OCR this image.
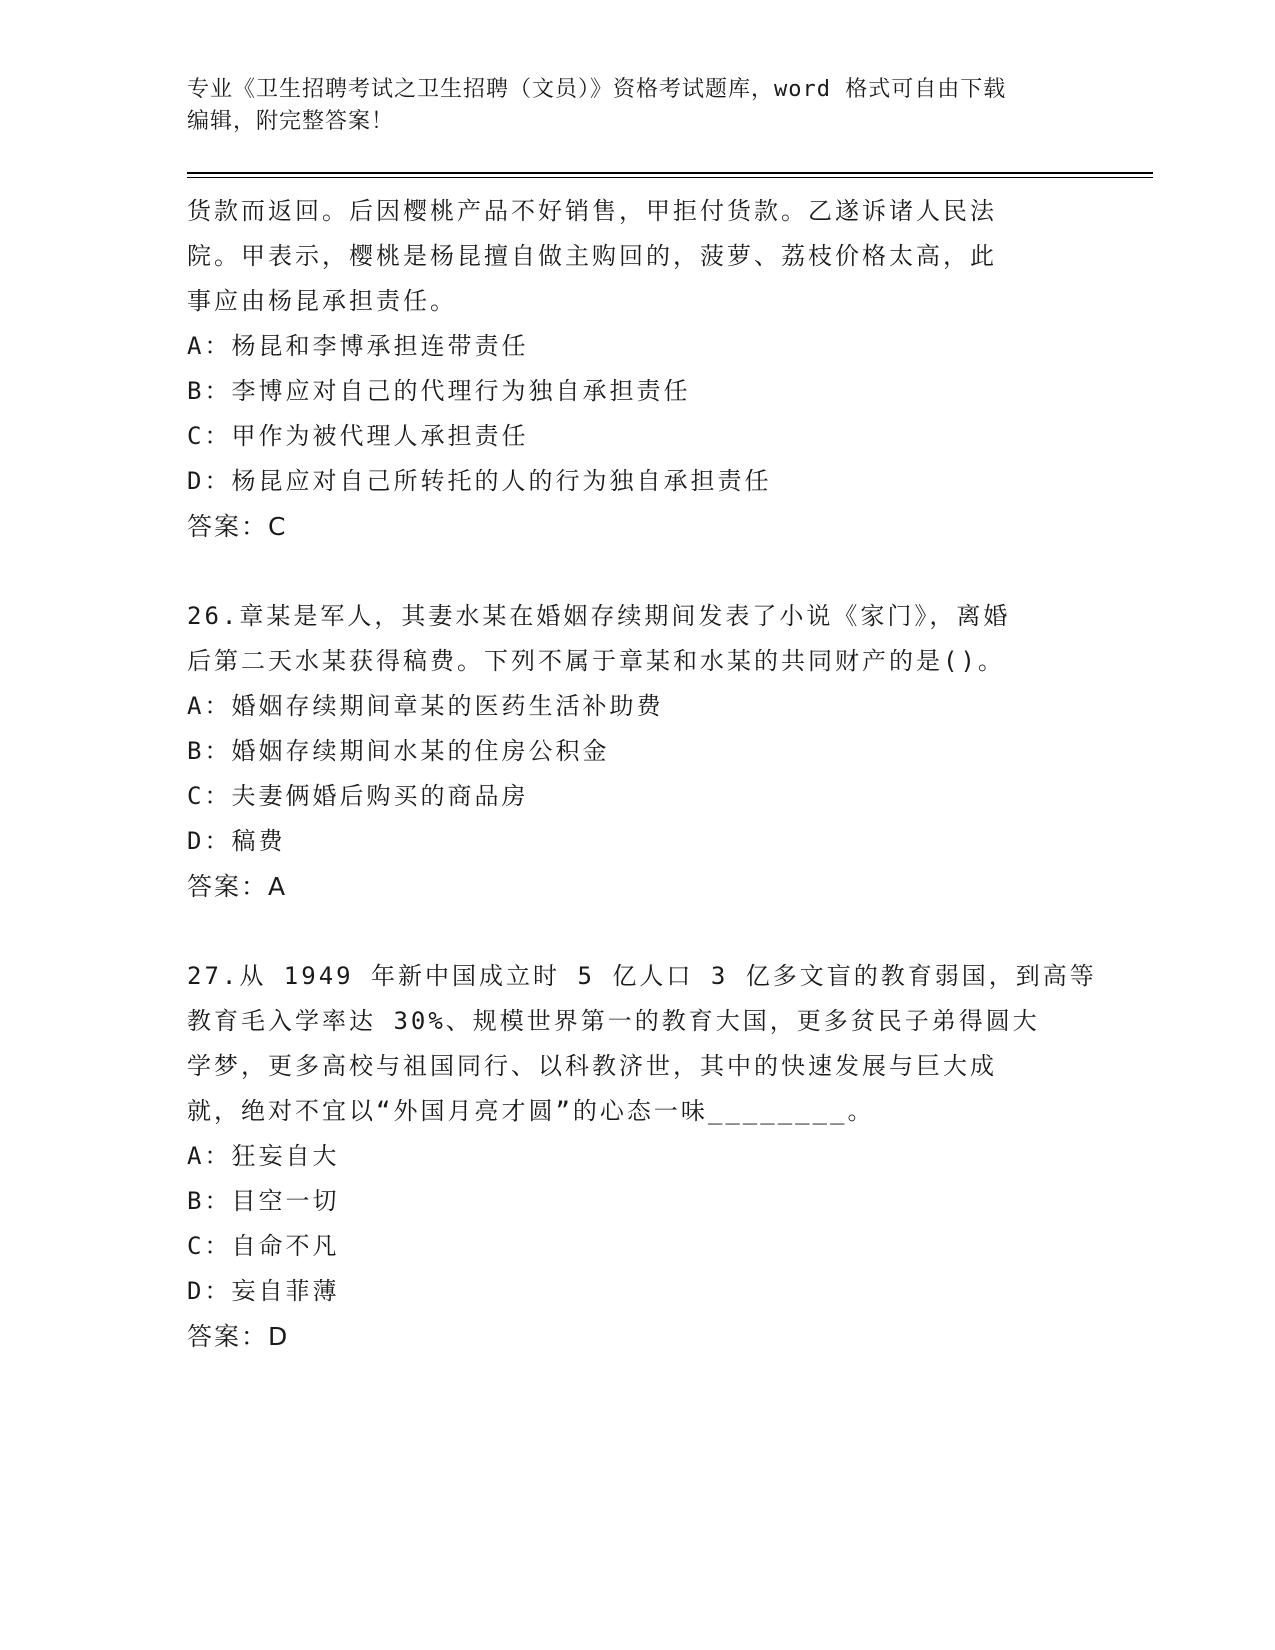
专业《卫生招聘考试之卫生招聘（文员）》资格考试题库，word 格式可自由下载
编辑，附完整答案！
货款而返回。后因樱桃产品不好销售，甲拒付货款。乙遂诉诸人民法
院。甲表示，樱桃是杨昆擅自做主购回的，菠萝、荔枝价格太高，此
事应由杨昆承担责任。
A：杨昆和李博承担连带责任
B：李博应对自己的代理行为独自承担责任
C：甲作为被代理人承担责任
D：杨昆应对自己所转托的人的行为独自承担责任
答案：C
26.章某是军人，其妻水某在婚姻存续期间发表了小说《家门》，离婚
后第二天水某获得稿费。下列不属于章某和水某的共同财产的是()。
A：婚姻存续期间章某的医药生活补助费
B：婚姻存续期间水某的住房公积金
C：夫妻俩婚后购买的商品房
D：稿费
答案：A
27.从 1949 年新中国成立时 5 亿人口 3 亿多文盲的教育弱国，到高等
教育毛入学率达 30%、规模世界第一的教育大国，更多贫民子弟得圆大
学梦，更多高校与祖国同行、以科教济世，其中的快速发展与巨大成
就，绝对不宜以“外国月亮才圆”的心态一味________。
A：狂妄自大
B：目空一切
C：自命不凡
D：妄自菲薄
答案：D
